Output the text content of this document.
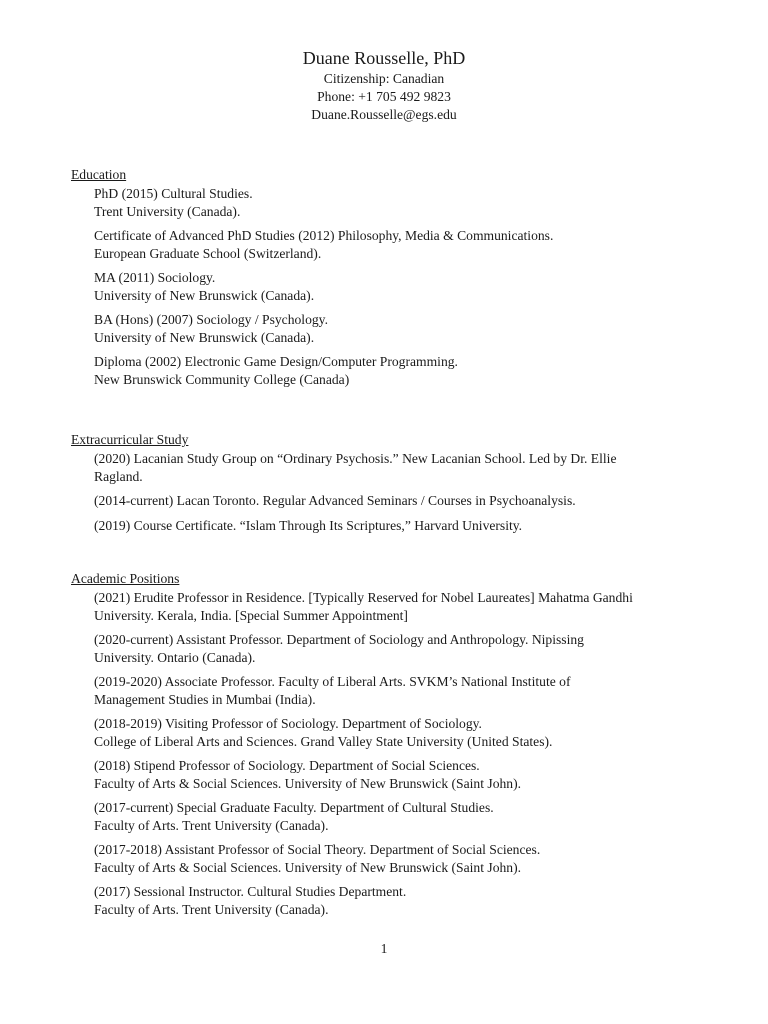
Duane Rousselle, PhD
Citizenship: Canadian
Phone: +1 705 492 9823
Duane.Rousselle@egs.edu
Education
PhD (2015) Cultural Studies.
Trent University (Canada).
Certificate of Advanced PhD Studies (2012) Philosophy, Media & Communications.
European Graduate School (Switzerland).
MA (2011) Sociology.
University of New Brunswick (Canada).
BA (Hons) (2007) Sociology / Psychology.
University of New Brunswick (Canada).
Diploma (2002) Electronic Game Design/Computer Programming.
New Brunswick Community College (Canada)
Extracurricular Study
(2020) Lacanian Study Group on “Ordinary Psychosis.” New Lacanian School. Led by Dr. Ellie
Ragland.
(2014-current) Lacan Toronto. Regular Advanced Seminars / Courses in Psychoanalysis.
(2019) Course Certificate. “Islam Through Its Scriptures,” Harvard University.
Academic Positions
(2021) Erudite Professor in Residence. [Typically Reserved for Nobel Laureates] Mahatma Gandhi
University. Kerala, India. [Special Summer Appointment]
(2020-current) Assistant Professor. Department of Sociology and Anthropology. Nipissing
University. Ontario (Canada).
(2019-2020) Associate Professor. Faculty of Liberal Arts. SVKM’s National Institute of
Management Studies in Mumbai (India).
(2018-2019) Visiting Professor of Sociology. Department of Sociology.
College of Liberal Arts and Sciences. Grand Valley State University (United States).
(2018) Stipend Professor of Sociology. Department of Social Sciences.
Faculty of Arts & Social Sciences. University of New Brunswick (Saint John).
(2017-current) Special Graduate Faculty. Department of Cultural Studies.
Faculty of Arts. Trent University (Canada).
(2017-2018) Assistant Professor of Social Theory. Department of Social Sciences.
Faculty of Arts & Social Sciences. University of New Brunswick (Saint John).
(2017) Sessional Instructor. Cultural Studies Department.
Faculty of Arts. Trent University (Canada).
1
